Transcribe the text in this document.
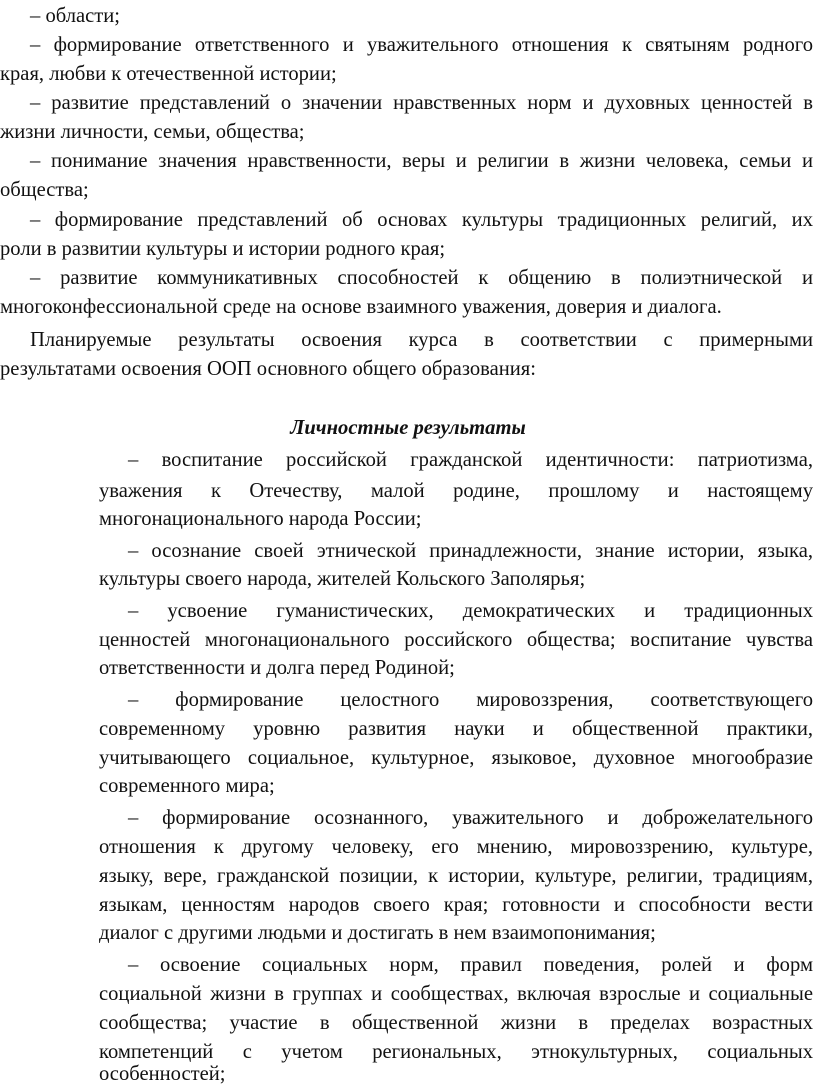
– области;
– формирование ответственного и уважительного отношения к святыням родного
края, любви к отечественной истории;
– развитие представлений о значении нравственных норм и духовных ценностей в
жизни личности, семьи, общества;
– понимание значения нравственности, веры и религии в жизни человека, семьи и
общества;
– формирование представлений об основах культуры традиционных религий, их
роли в развитии культуры и истории родного края;
– развитие коммуникативных способностей к общению в полиэтнической и
многоконфессиональной среде на основе взаимного уважения, доверия и диалога.
Планируемые результаты освоения курса в соответствии с примерными
результатами освоения ООП основного общего образования:
Личностные результаты
– воспитание российской гражданской идентичности: патриотизма,
уважения к Отечеству, малой родине, прошлому и настоящему
многонационального народа России;
– осознание своей этнической принадлежности, знание истории, языка,
культуры своего народа, жителей Кольского Заполярья;
– усвоение гуманистических, демократических и традиционных
ценностей многонационального российского общества; воспитание чувства
ответственности и долга перед Родиной;
– формирование целостного мировоззрения, соответствующего
современному уровню развития науки и общественной практики,
учитывающего социальное, культурное, языковое, духовное многообразие
современного мира;
– формирование осознанного, уважительного и доброжелательного
отношения к другому человеку, его мнению, мировоззрению, культуре,
языку, вере, гражданской позиции, к истории, культуре, религии, традициям,
языкам, ценностям народов своего края; готовности и способности вести
диалог с другими людьми и достигать в нем взаимопонимания;
– освоение социальных норм, правил поведения, ролей и форм
социальной жизни в группах и сообществах, включая взрослые и социальные
сообщества; участие в общественной жизни в пределах возрастных
компетенций с учетом региональных, этнокультурных, социальных
особенностей;
